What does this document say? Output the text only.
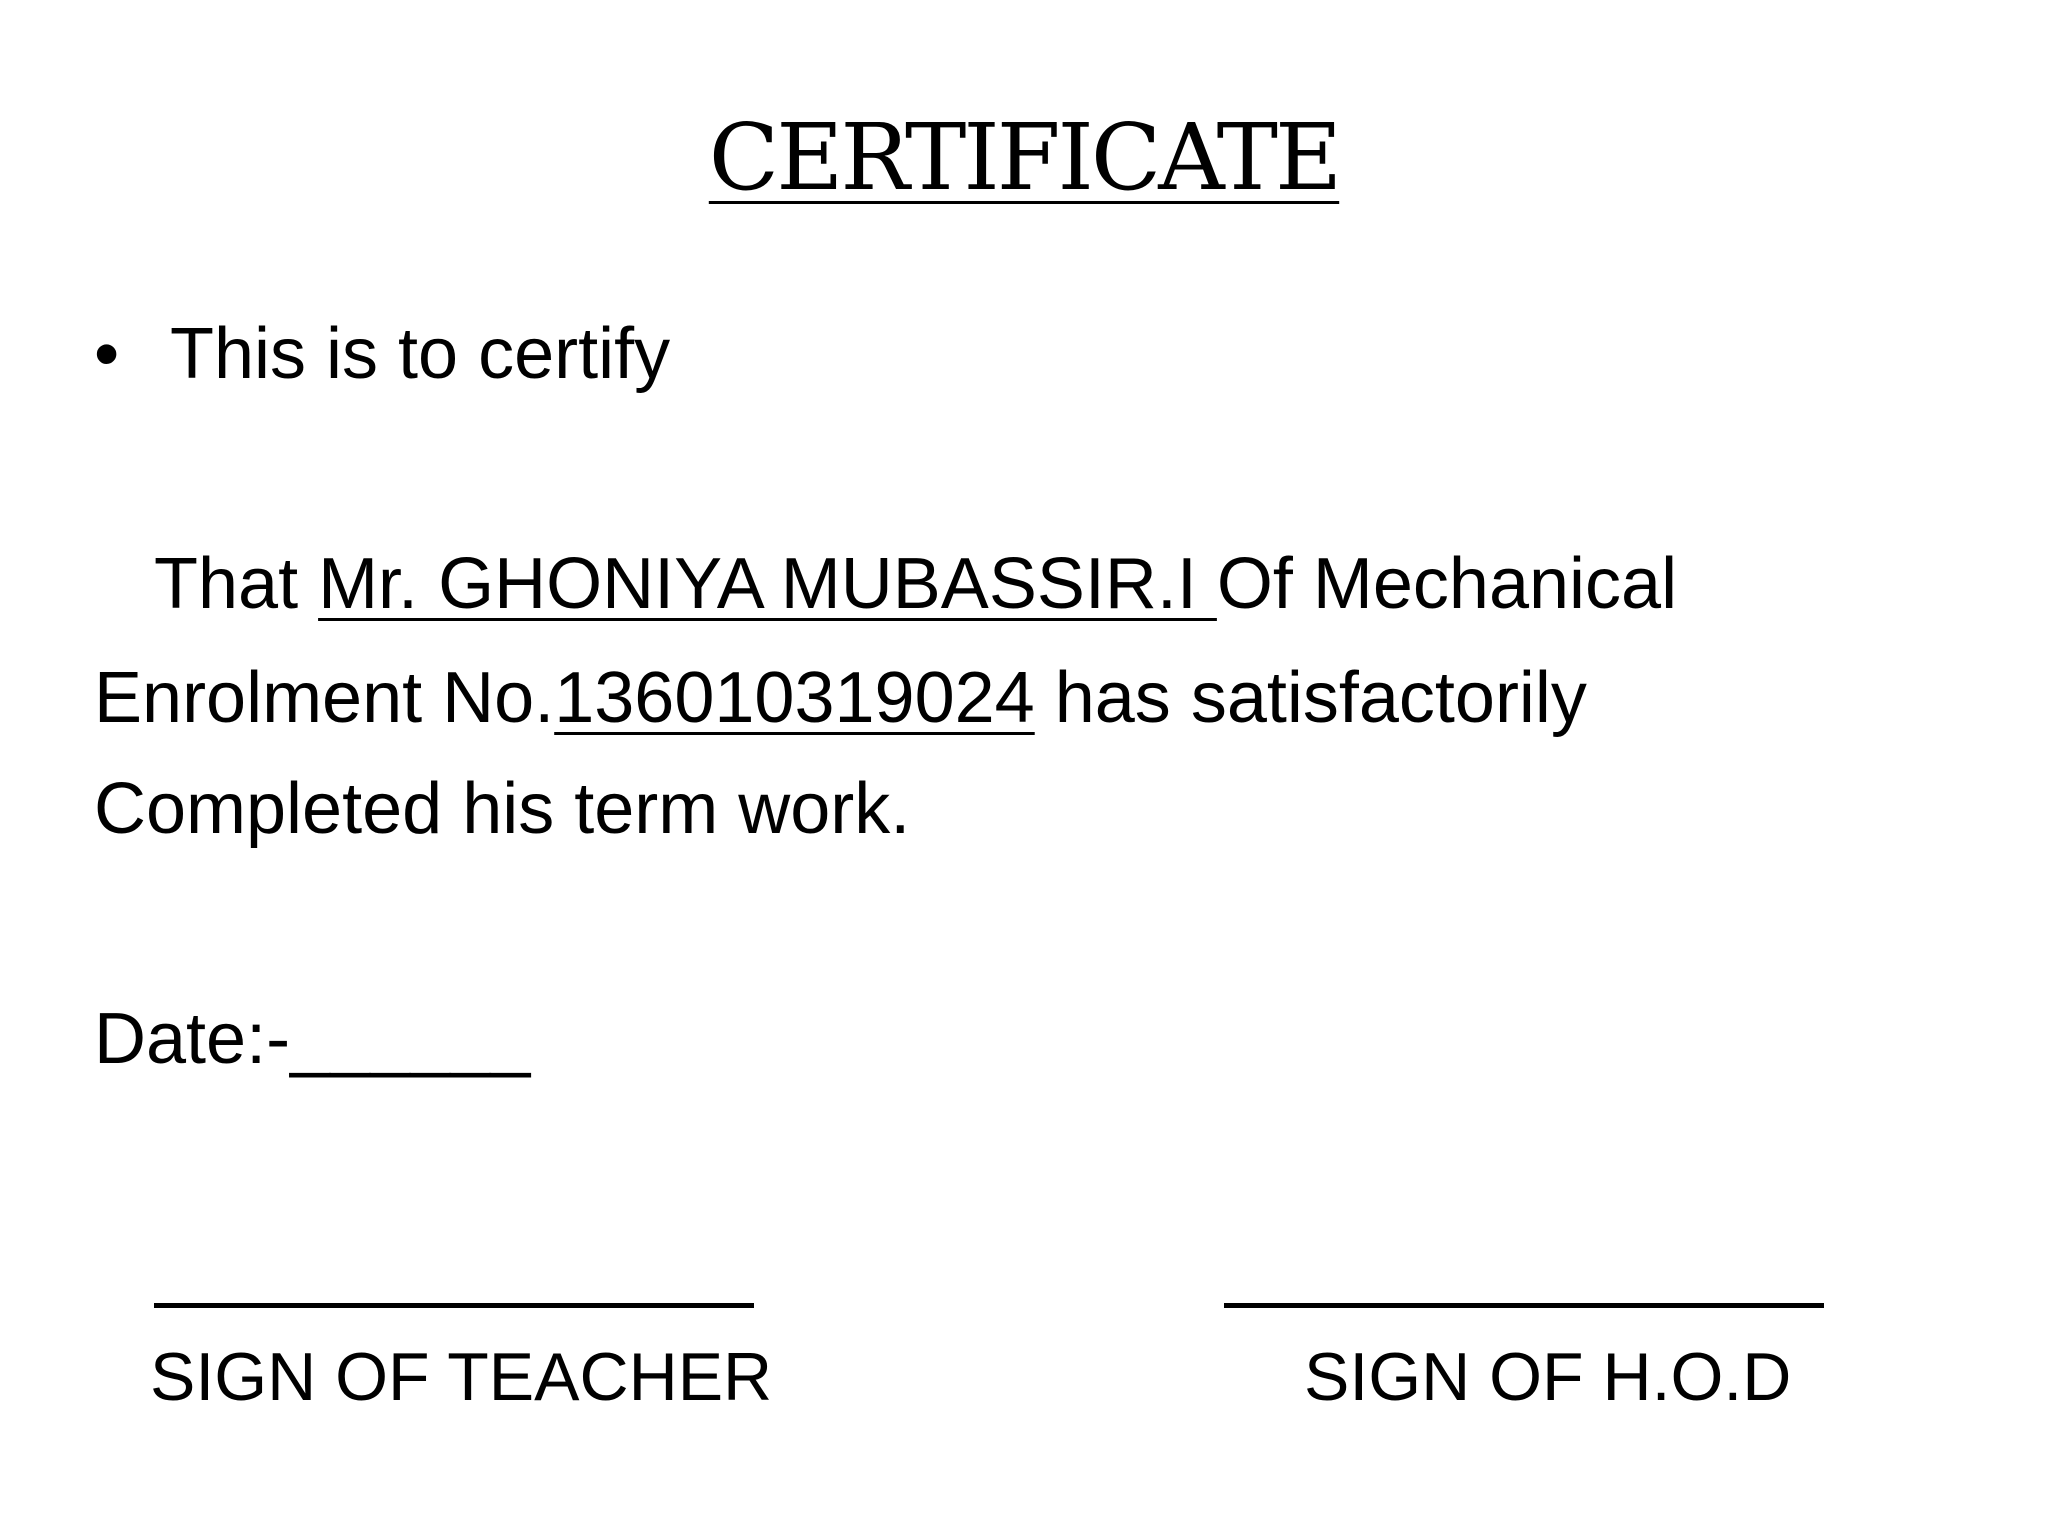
CERTIFICATE
• This is to certify
That Mr. GHONIYA MUBASSIR.I Of Mechanical
Enrolment No.136010319024 has satisfactorily
Completed his term work.
Date:-______
SIGN OF TEACHER	SIGN OF H.O.D
